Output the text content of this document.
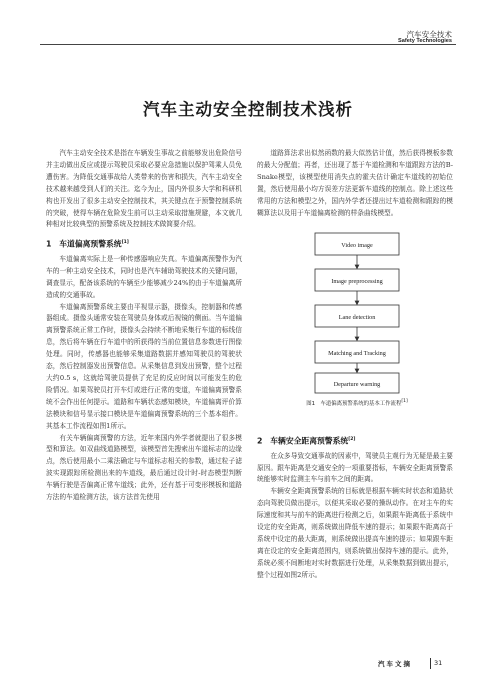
汽车安全技术
Safety Technologies
汽车主动安全控制技术浅析

汽车主动安全技术是指在车辆发生事故之前能够发出危险信号并主动做出反应或提示驾驶员采取必要应急措施以保护驾乘人员免遭伤害。为降低交通事故给人类带来的伤害和损失，汽车主动安全技术越来越受到人们的关注。迄今为止，国内外很多大学和科研机构也开发出了很多主动安全控制技术，其关键点在于预警控制系统的突破，使得车辆在危险发生前可以主动采取措施规避，本文就几种相对比较典型的预警系统及控制技术做简要介绍。

1　车道偏离预警系统[1]

车道偏离实际上是一种传感器响应失真。车道偏离预警作为汽车的一种主动安全技术，同时也是汽车辅助驾驶技术的关键问题，调查显示，配备该系统的车辆至少能够减少24%的由于车道偏离所造成的交通事故。

车道偏离预警系统主要由平视显示器，摄像头，控制器和传感器组成。摄像头通常安装在驾驶员身体或后视镜的侧面。当车道偏离预警系统正常工作时，摄像头会持续不断地采集行车道的标线信息，然后将车辆在行车道中的所获得的当前位置信息参数进行图像处理。同时，传感器也能够采集道路数据并感知驾驶员的驾驶状态，然后控制器发出预警信息。从采集信息到发出预警，整个过程大约0.5 s，这就给驾驶员提供了充足的反应时间以可能发生的危险情况。如果驾驶员打开车灯或进行正常的变道，车道偏离预警系统不会作出任何提示。道路和车辆状态感知模块，车道偏离评价算法模块和信号显示接口模块是车道偏离预警系统的三个基本组件。其基本工作流程如图1所示。

有关车辆偏离预警的方法，近年来国内外学者就提出了很多模型和算法。如双曲线道路模型，该模型首先搜索出车道标志的边缘点，然后使用最小二乘法确定与车道标志相关的参数，通过粒子滤波实现跟踪所检测出来的车道线，最后通过设计时-时态模型判断车辆行驶是否偏离正常车道线；此外，还有基于可变形模板和道路方法的车道检测方法，该方法首先使用

道路算法求出似然函数的最大似然估计值，然后获得模板参数的最大分配值；再者，还出现了基于车道检测和车道跟踪方法的B-Snake模型，该模型使用消失点的霍夫估计确定车道线的初始位置，然后使用最小均方误差方法更新车道线的控制点。除上述这些常用的方法和模型之外，国内外学者还提出过车道检测和跟踪的模糊算法以及用于车道偏离检测的样条曲线模型。

Video image
Image preprocessing
Lane detection
Matching and Tracking
Departure warning
图1　车道偏离预警系统的基本工作流程[1]
2　车辆安全距离预警系统[2]

在众多导致交通事故的因素中，驾驶员主观行为无疑是最主要原因。跟车距离是交通安全的一项重要指标，车辆安全距离预警系统能够实时监测主车与前车之间的距离。

车辆安全距离预警系统的目标就是根据车辆实时状态和道路状态向驾驶员做出提示，以便其采取必要的操纵动作。在对主车的实际速度和其与前车的距离进行检测之后，如果跟车距离低于系统中设定的安全距离，则系统做出降低车速的提示；如果跟车距离高于系统中设定的最大距离，则系统做出提高车速的提示；如果跟车距离在设定的安全距离范围内，则系统做出保持车速的提示。此外，系统必须不间断地对实时数据进行处理，从采集数据到做出提示，整个过程如图2所示。

汽车文摘	31
